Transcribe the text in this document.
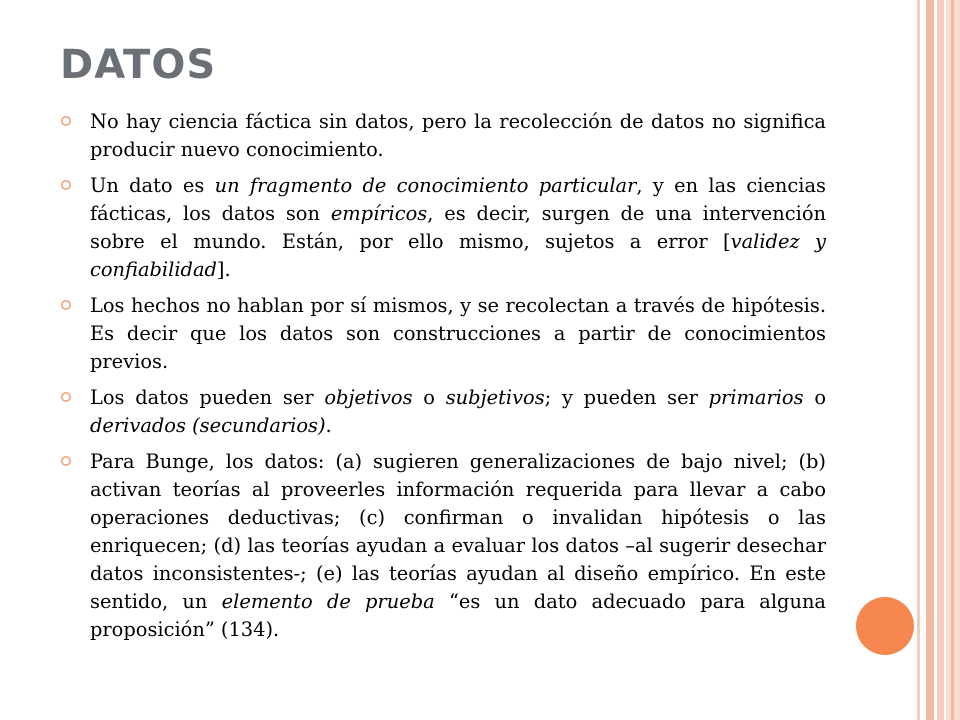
DATOS
No hay ciencia fáctica sin datos, pero la recolección de datos no significa producir nuevo conocimiento.
Un dato es un fragmento de conocimiento particular, y en las ciencias fácticas, los datos son empíricos, es decir, surgen de una intervención sobre el mundo. Están, por ello mismo, sujetos a error [validez y confiabilidad].
Los hechos no hablan por sí mismos, y se recolectan a través de hipótesis. Es decir que los datos son construcciones a partir de conocimientos previos.
Los datos pueden ser objetivos o subjetivos; y pueden ser primarios o derivados (secundarios).
Para Bunge, los datos: (a) sugieren generalizaciones de bajo nivel; (b) activan teorías al proveerles información requerida para llevar a cabo operaciones deductivas; (c) confirman o invalidan hipótesis o las enriquecen; (d) las teorías ayudan a evaluar los datos –al sugerir desechar datos inconsistentes-; (e) las teorías ayudan al diseño empírico. En este sentido, un elemento de prueba “es un dato adecuado para alguna proposición” (134).
